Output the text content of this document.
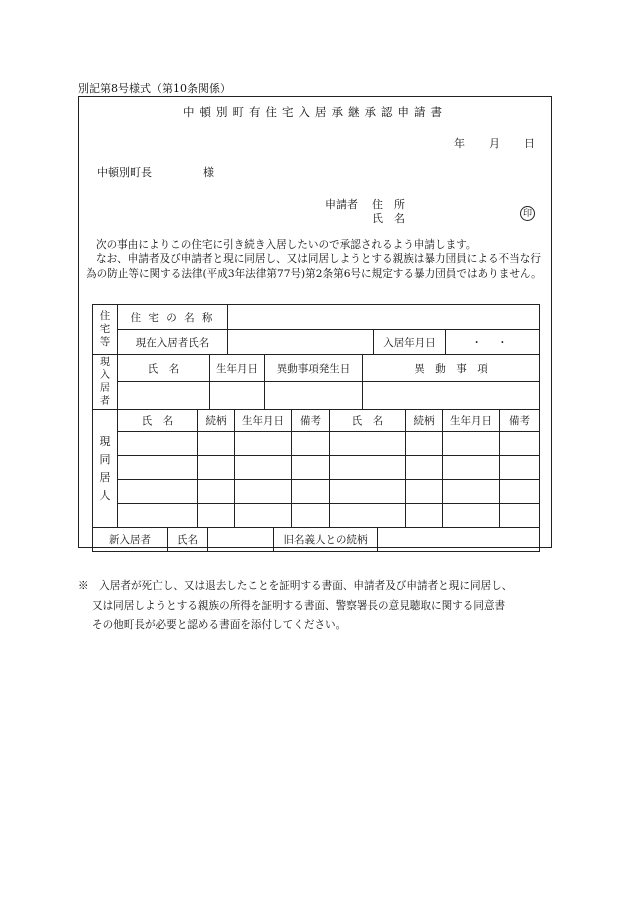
別記第8号様式（第10条関係）
中頓別町有住宅入居承継承認申請書
年 月 日
中頓別町長	様
申請者 住　所
氏　名	印
次の事由によりこの住宅に引き続き入居したいので承認されるよう申請します。
なお、申請者及び申請者と現に同居し、又は同居しようとする親族は暴力団員による不当な行為の防止等に関する法律(平成3年法律第77号)第2条第6号に規定する暴力団員ではありません。
住
宅
等	住 宅 の 名 称			
	現在入居者氏名		入居年月日	・ ・
現
入
居
者	氏　名	生年月日	異動事項発生日	異　動　事　項

現
同
居
人	氏　名	続柄	生年月日	備考	氏　名	続柄	生年月日	備考

新入居者	氏名		旧名義人との続柄	
※　入居者が死亡し、又は退去したことを証明する書面、申請者及び申請者と現に同居し、
又は同居しようとする親族の所得を証明する書面、警察署長の意見聴取に関する同意書
その他町長が必要と認める書面を添付してください。
